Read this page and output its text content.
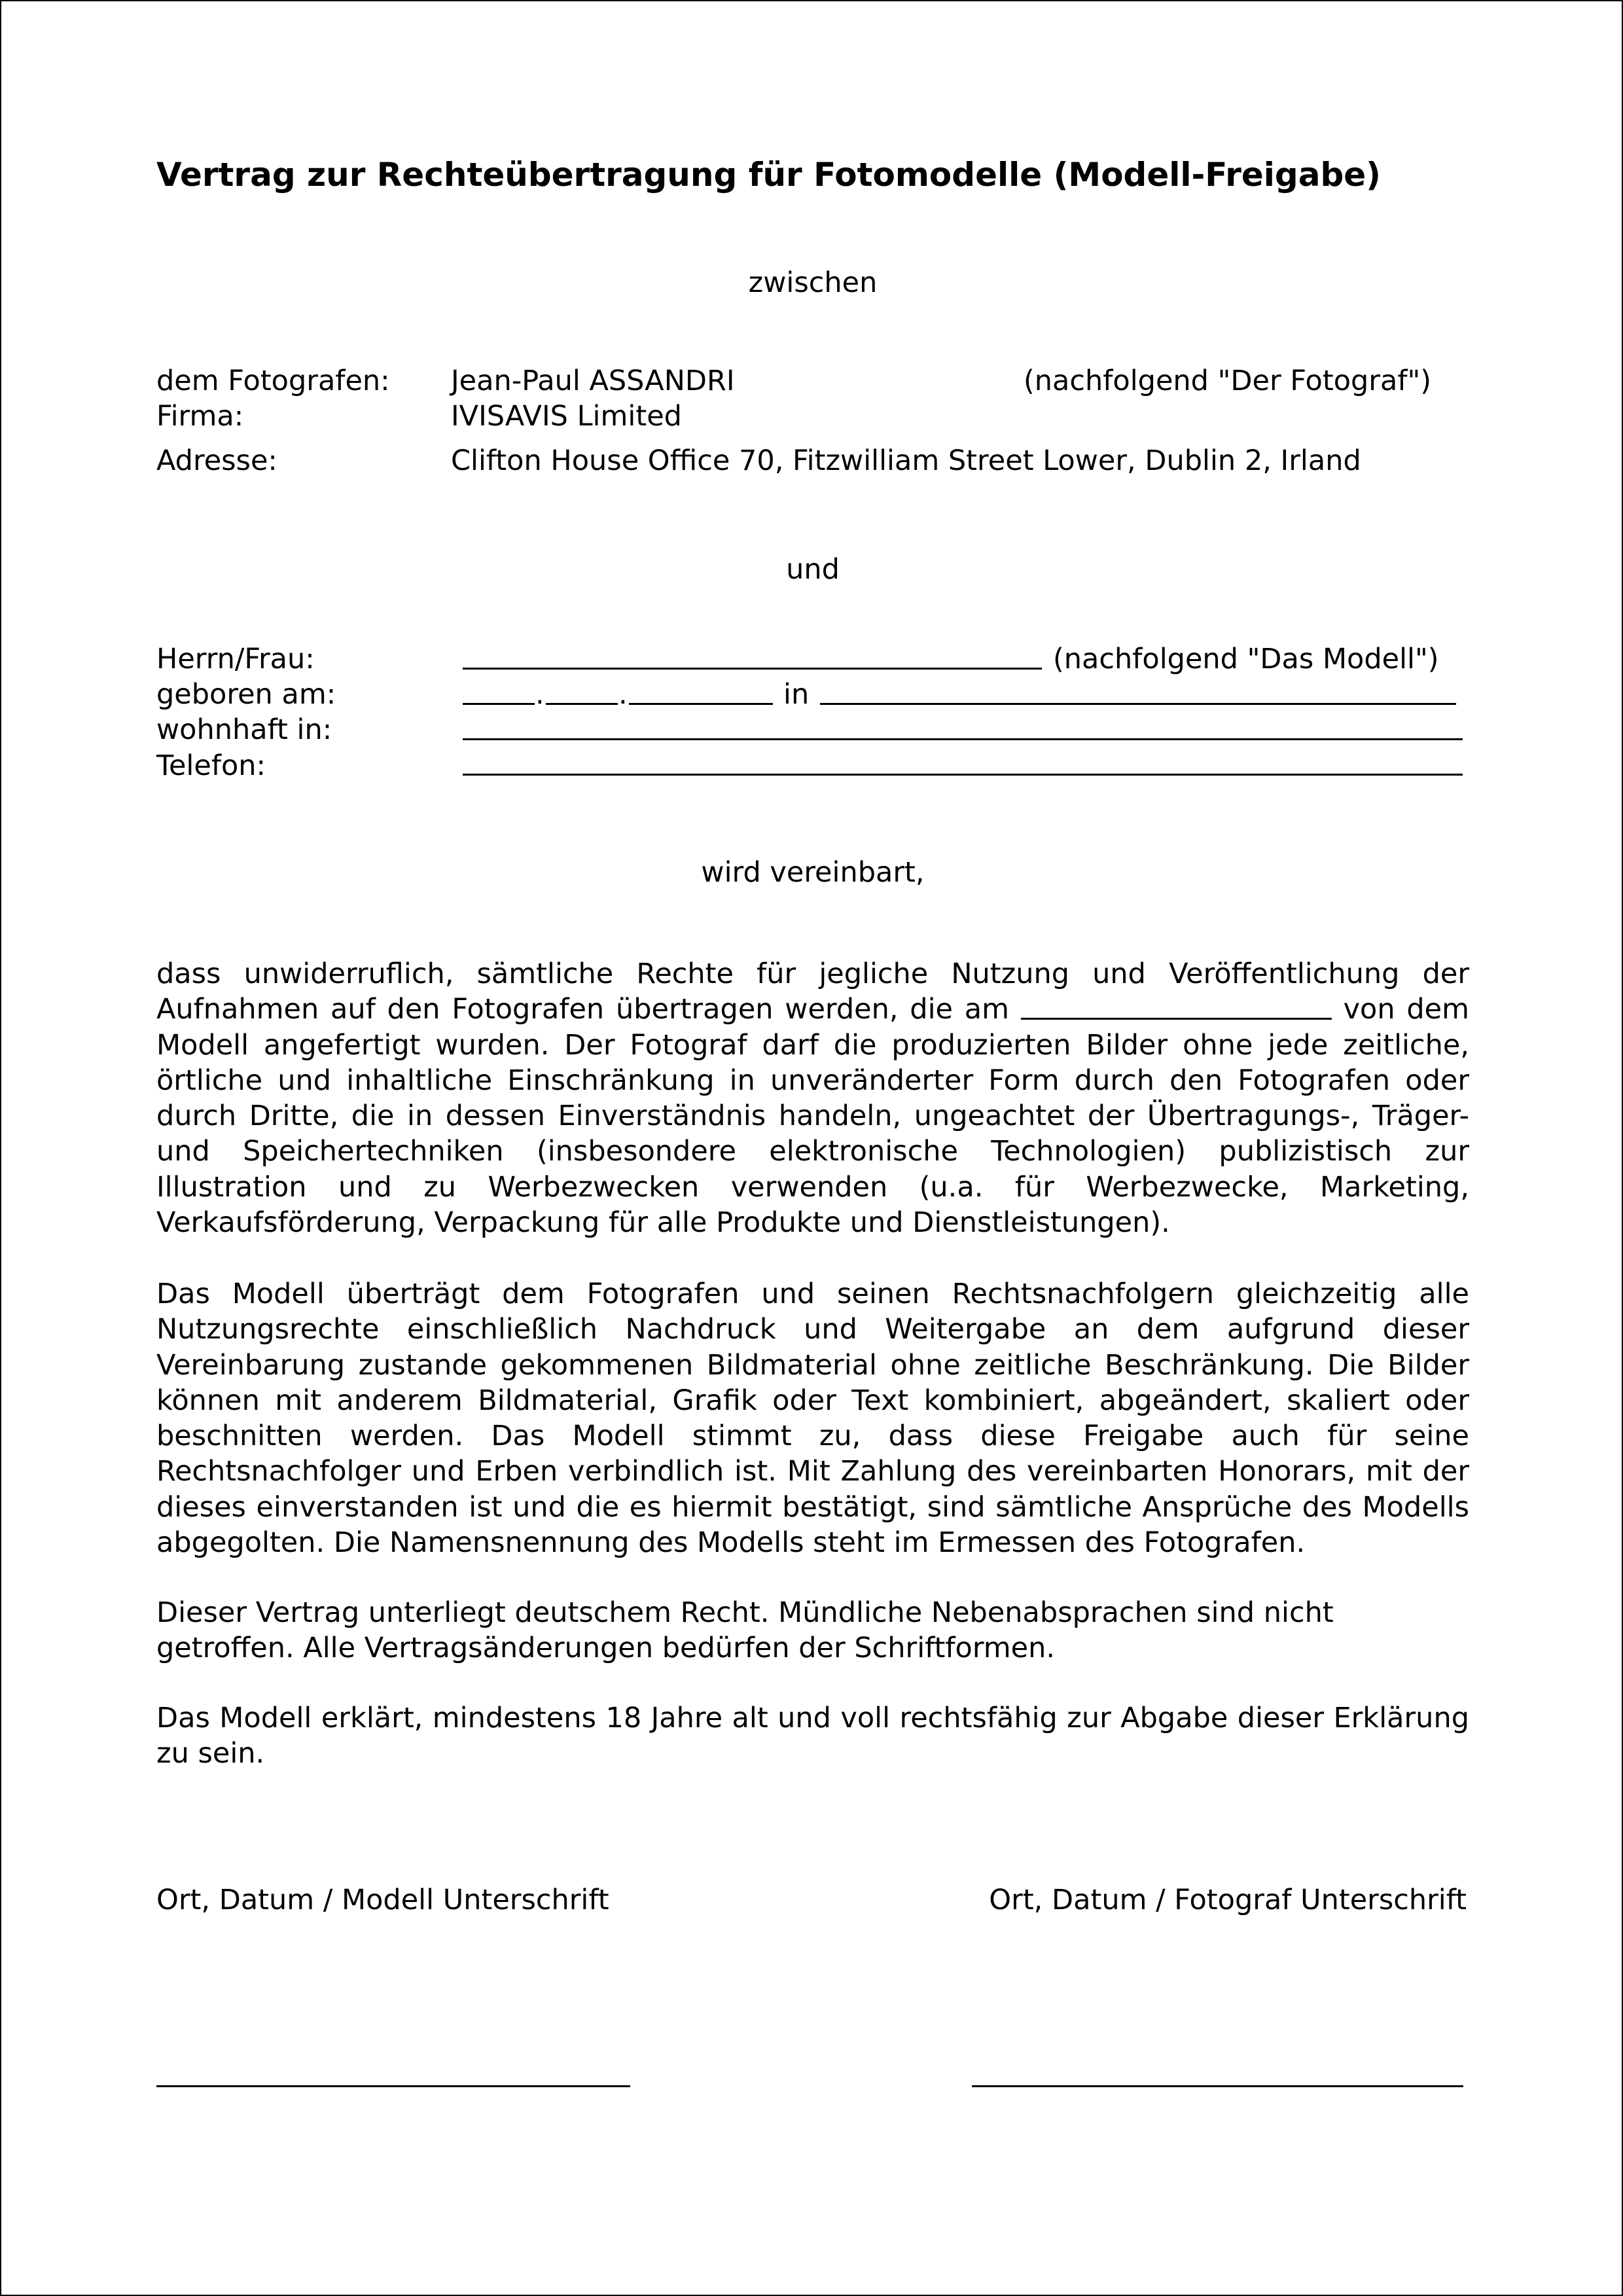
Vertrag zur Rechteübertragung für Fotomodelle (Modell-Freigabe)
zwischen
dem Fotografen: Jean-Paul ASSANDRI	(nachfolgend "Der Fotograf")
Firma:	IVISAVIS Limited
Adresse:	Clifton House Office 70, Fitzwilliam Street Lower, Dublin 2, Irland
und
Herrn/Frau:	(nachfolgend "Das Modell")
geboren am:	.	.	in
wohnhaft in:
Telefon:
wird vereinbart,
dass unwiderruflich, sämtliche Rechte für jegliche Nutzung und Veröffentlichung der Aufnahmen auf den Fotografen übertragen werden, die am	von dem Modell angefertigt wurden. Der Fotograf darf die produzierten Bilder ohne jede zeitliche, örtliche und inhaltliche Einschränkung in unveränderter Form durch den Fotografen oder durch Dritte, die in dessen Einverständnis handeln, ungeachtet der Übertragungs-, Träger- und Speichertechniken (insbesondere elektronische Technologien) publizistisch zur Illustration und zu Werbezwecken verwenden (u.a. für Werbezwecke, Marketing, Verkaufsförderung, Verpackung für alle Produkte und Dienstleistungen).
Das Modell überträgt dem Fotografen und seinen Rechtsnachfolgern gleichzeitig alle Nutzungsrechte einschließlich Nachdruck und Weitergabe an dem aufgrund dieser Vereinbarung zustande gekommenen Bildmaterial ohne zeitliche Beschränkung. Die Bilder können mit anderem Bildmaterial, Grafik oder Text kombiniert, abgeändert, skaliert oder beschnitten werden. Das Modell stimmt zu, dass diese Freigabe auch für seine Rechtsnachfolger und Erben verbindlich ist. Mit Zahlung des vereinbarten Honorars, mit der dieses einverstanden ist und die es hiermit bestätigt, sind sämtliche Ansprüche des Modells abgegolten. Die Namensnennung des Modells steht im Ermessen des Fotografen.
Dieser Vertrag unterliegt deutschem Recht. Mündliche Nebenabsprachen sind nicht
getroffen. Alle Vertragsänderungen bedürfen der Schriftformen.
Das Modell erklärt, mindestens 18 Jahre alt und voll rechtsfähig zur Abgabe dieser Erklärung zu sein.
Ort, Datum / Modell Unterschrift	Ort, Datum / Fotograf Unterschrift
